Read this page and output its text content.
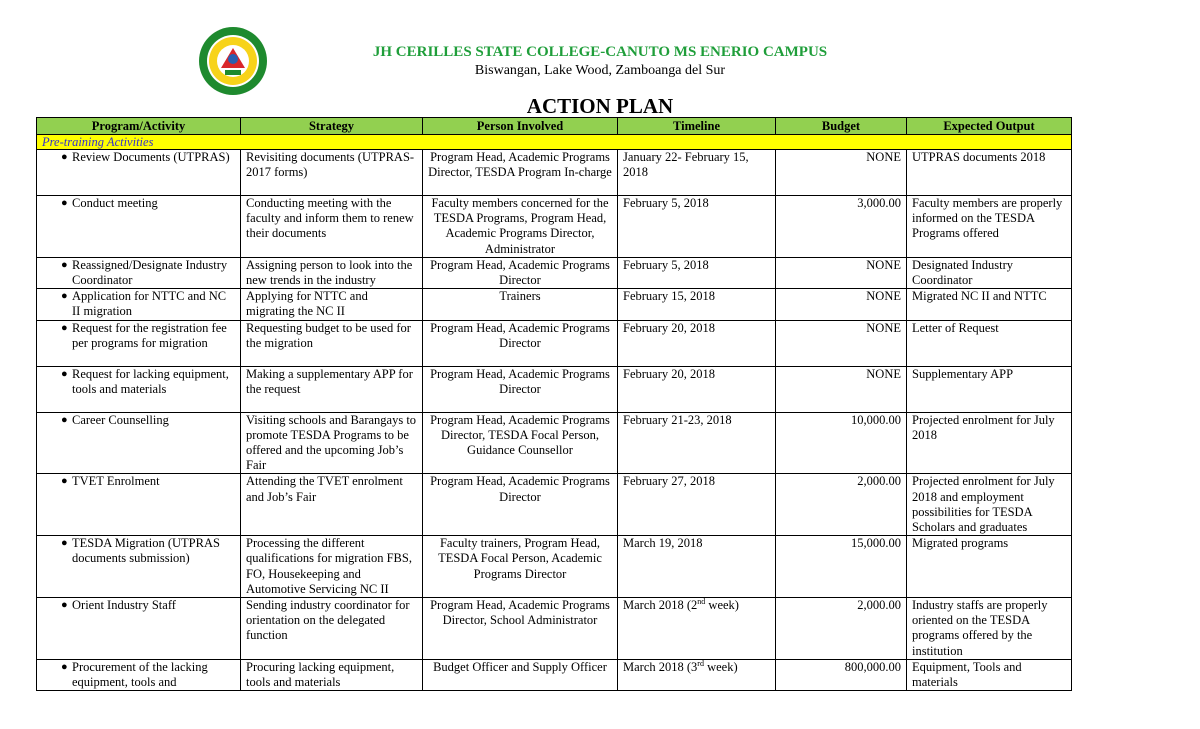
JH CERILLES STATE COLLEGE-CANUTO MS ENERIO CAMPUS
Biswangan, Lake Wood, Zamboanga del Sur
ACTION PLAN
Program/Activity	Strategy	Person Involved	Timeline	Budget	Expected Output
Pre-training Activities					

● Review Documents (UTPRAS)	Revisiting documents (UTPRAS-2017 forms)	Program Head, Academic Programs Director, TESDA Program In-charge	January 22- February 15, 2018	NONE	UTPRAS documents 2018

● Conduct meeting	Conducting meeting with the faculty and inform them to renew their documents	Faculty members concerned for the TESDA Programs, Program Head, Academic Programs Director, Administrator	February 5, 2018	3,000.00	Faculty members are properly informed on the TESDA Programs offered

● Reassigned/Designate Industry Coordinator	Assigning person to look into the new trends in the industry	Program Head, Academic Programs Director	February 5, 2018	NONE	Designated Industry Coordinator

● Application for NTTC and NC II migration	Applying for NTTC and migrating the NC II	Trainers	February 15, 2018	NONE	Migrated NC II and NTTC

● Request for the registration fee per programs for migration	Requesting budget to be used for the migration	Program Head, Academic Programs Director	February 20, 2018	NONE	Letter of Request

● Request for lacking equipment, tools and materials	Making a supplementary APP for the request	Program Head, Academic Programs Director	February 20, 2018	NONE	Supplementary APP

● Career Counselling	Visiting schools and Barangays to promote TESDA Programs to be offered and the upcoming Job’s Fair	Program Head, Academic Programs Director, TESDA Focal Person, Guidance Counsellor	February 21-23, 2018	10,000.00	Projected enrolment for July 2018

● TVET Enrolment	Attending the TVET enrolment and Job’s Fair	Program Head, Academic Programs Director	February 27, 2018	2,000.00	Projected enrolment for July 2018 and employment possibilities for TESDA Scholars and graduates

● TESDA Migration (UTPRAS documents submission)	Processing the different qualifications for migration FBS, FO, Housekeeping and Automotive Servicing NC II	Faculty trainers, Program Head, TESDA Focal Person, Academic Programs Director	March 19, 2018	15,000.00	Migrated programs

● Orient Industry Staff	Sending industry coordinator for orientation on the delegated function	Program Head, Academic Programs Director, School Administrator	March 2018 (2nd week)	2,000.00	Industry staffs are properly oriented on the TESDA programs offered by the institution

● Procurement of the lacking equipment, tools and	Procuring lacking equipment, tools and materials	Budget Officer and Supply Officer	March 2018 (3rd week)	800,000.00	Equipment, Tools and materials
